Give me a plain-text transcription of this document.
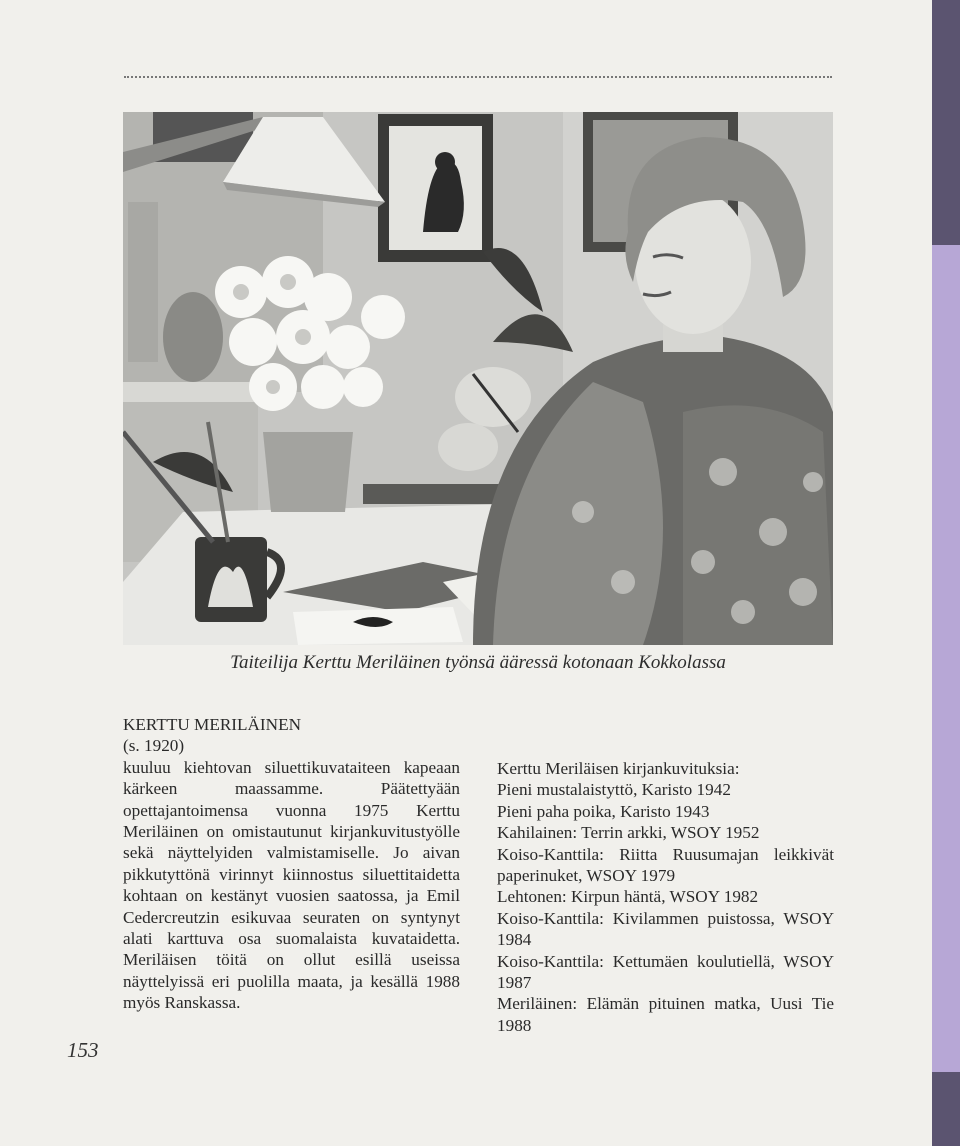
Taiteilija Kerttu Meriläinen työnsä ääressä kotonaan Kokkolassa
KERTTU MERILÄINEN
(s. 1920)
kuuluu kiehtovan siluettikuvataiteen kapeaan kärkeen maassamme. Päätettyään opettajantoimensa vuonna 1975 Kerttu Meriläinen on omistautunut kirjankuvitustyölle sekä näyttelyiden valmistamiselle. Jo aivan pikkutyttönä virinnyt kiinnostus siluettitaidetta kohtaan on kestänyt vuosien saatossa, ja Emil Cedercreutzin esikuvaa seuraten on syntynyt alati karttuva osa suomalaista kuvataidetta. Meriläisen töitä on ollut esillä useissa näyttelyissä eri puolilla maata, ja kesällä 1988 myös Ranskassa.
Kerttu Meriläisen kirjankuvituksia:
Pieni mustalaistyttö, Karisto 1942
Pieni paha poika, Karisto 1943
Kahilainen: Terrin arkki, WSOY 1952
Koiso-Kanttila: Riitta Ruusumajan leikkivät paperinuket, WSOY 1979
Lehtonen: Kirpun häntä, WSOY 1982
Koiso-Kanttila: Kivilammen puistossa, WSOY 1984
Koiso-Kanttila: Kettumäen koulutiellä, WSOY 1987
Meriläinen: Elämän pituinen matka, Uusi Tie 1988
153
